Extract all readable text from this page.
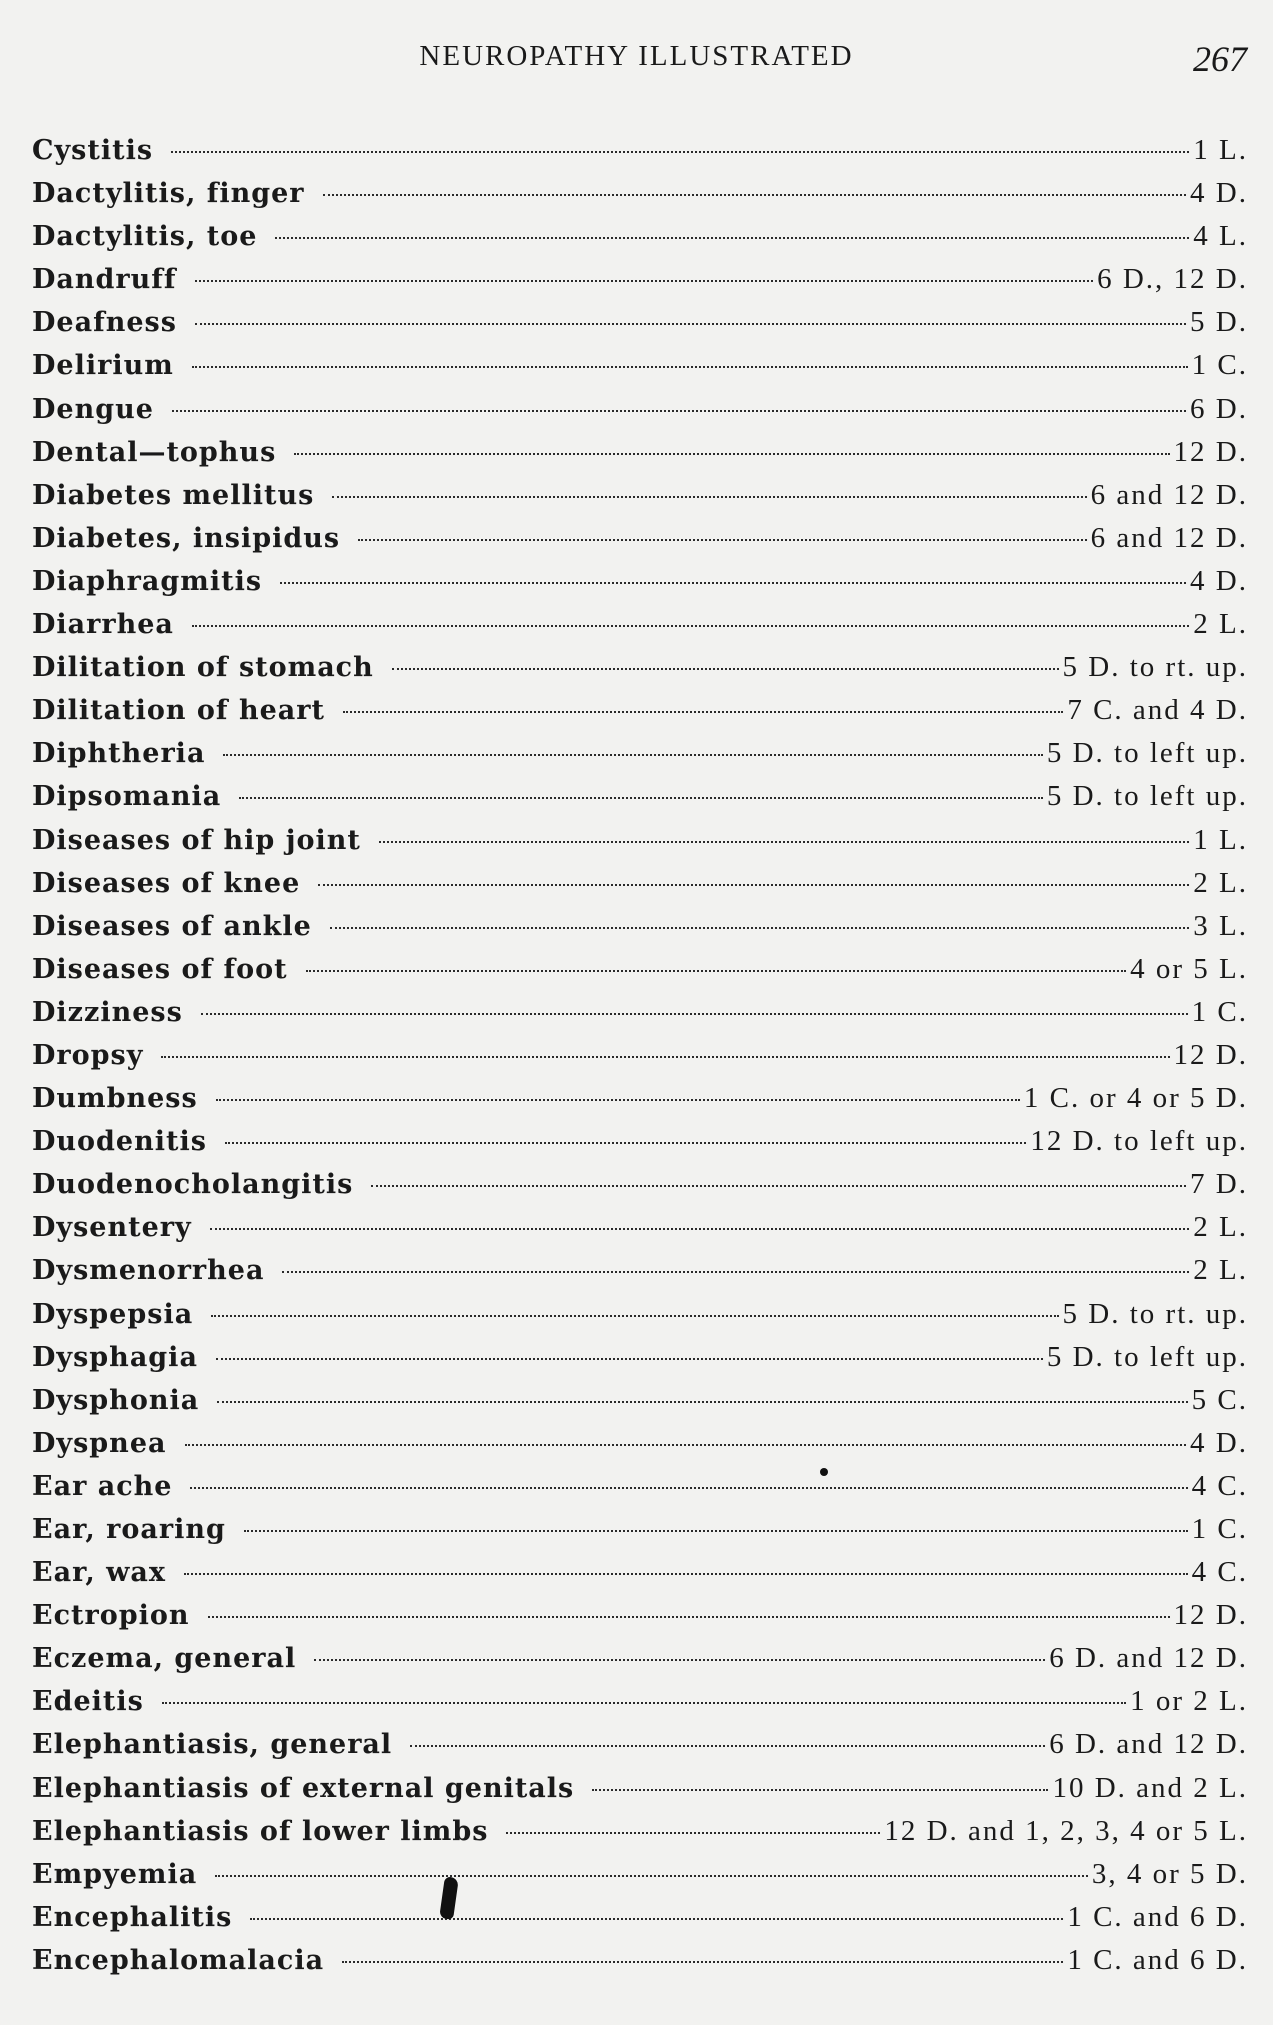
NEUROPATHY ILLUSTRATED	267
Cystitis	1 L.
Dactylitis, finger	4 D.
Dactylitis, toe	4 L.
Dandruff	6 D., 12 D.
Deafness	5 D.
Delirium	1 C.
Dengue	6 D.
Dental—tophus	12 D.
Diabetes mellitus	6 and 12 D.
Diabetes, insipidus	6 and 12 D.
Diaphragmitis	4 D.
Diarrhea	2 L.
Dilitation of stomach	5 D. to rt. up.
Dilitation of heart	7 C. and 4 D.
Diphtheria	5 D. to left up.
Dipsomania	5 D. to left up.
Diseases of hip joint	1 L.
Diseases of knee	2 L.
Diseases of ankle	3 L.
Diseases of foot	4 or 5 L.
Dizziness	1 C.
Dropsy	12 D.
Dumbness	1 C. or 4 or 5 D.
Duodenitis	12 D. to left up.
Duodenocholangitis	7 D.
Dysentery	2 L.
Dysmenorrhea	2 L.
Dyspepsia	5 D. to rt. up.
Dysphagia	5 D. to left up.
Dysphonia	5 C.
Dyspnea	4 D.
Ear ache	4 C.
Ear, roaring	1 C.
Ear, wax	4 C.
Ectropion	12 D.
Eczema, general	6 D. and 12 D.
Edeitis	1 or 2 L.
Elephantiasis, general	6 D. and 12 D.
Elephantiasis of external genitals	10 D. and 2 L.
Elephantiasis of lower limbs	12 D. and 1, 2, 3, 4 or 5 L.
Empyemia	3, 4 or 5 D.
Encephalitis	1 C. and 6 D.
Encephalomalacia	1 C. and 6 D.
